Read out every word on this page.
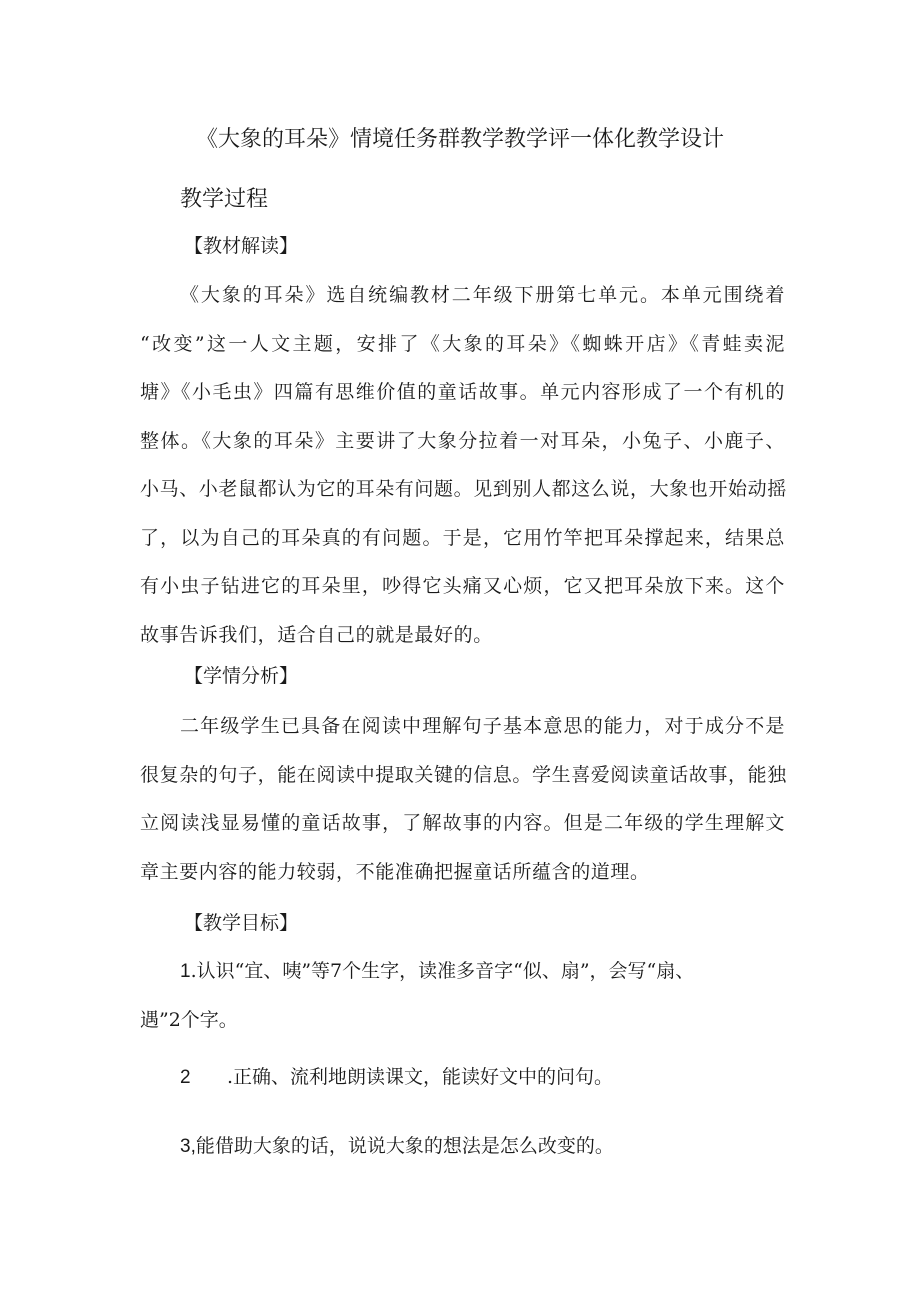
《大象的耳朵》情境任务群教学教学评一体化教学设计
教学过程
【教材解读】
《大象的耳朵》选自统编教材二年级下册第七单元。本单元围绕着
“改变”这一人文主题，安排了《大象的耳朵》《蜘蛛开店》《青蛙卖泥
塘》《小毛虫》四篇有思维价值的童话故事。单元内容形成了一个有机的
整体。《大象的耳朵》主要讲了大象分拉着一对耳朵，小兔子、小鹿子、
小马、小老鼠都认为它的耳朵有问题。见到别人都这么说，大象也开始动摇
了，以为自己的耳朵真的有问题。于是，它用竹竿把耳朵撑起来，结果总
有小虫子钻进它的耳朵里，吵得它头痛又心烦，它又把耳朵放下来。这个
故事告诉我们，适合自己的就是最好的。
【学情分析】
二年级学生已具备在阅读中理解句子基本意思的能力，对于成分不是
很复杂的句子，能在阅读中提取关键的信息。学生喜爱阅读童话故事，能独
立阅读浅显易懂的童话故事，了解故事的内容。但是二年级的学生理解文
章主要内容的能力较弱，不能准确把握童话所蕴含的道理。
【教学目标】
1.认识“宜、咦”等7个生字，读准多音字“似、扇”，会写“扇、
遇”2个字。
2 .正确、流利地朗读课文，能读好文中的问句。
3,能借助大象的话，说说大象的想法是怎么改变的。
